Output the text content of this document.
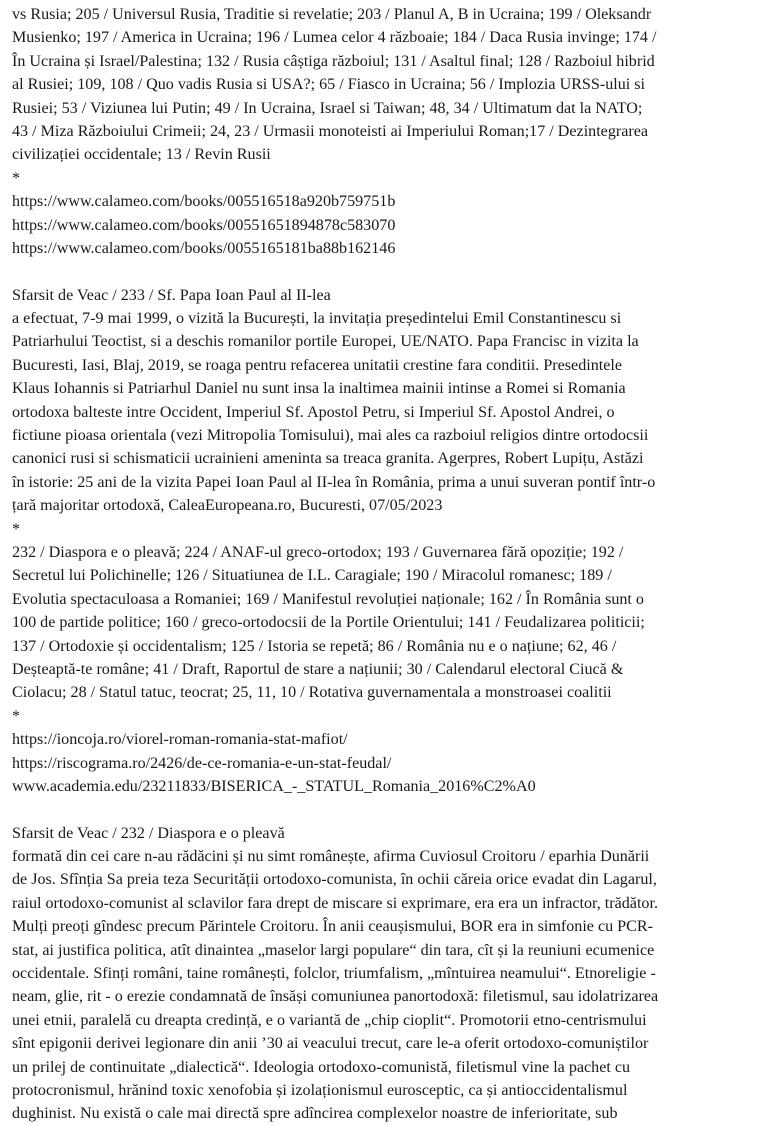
vs Rusia; 205 / Universul Rusia, Traditie si revelatie; 203 / Planul A, B in Ucraina; 199 / Oleksandr
Musienko; 197 / America in Ucraina; 196 / Lumea celor 4 războaie; 184 / Daca Rusia invinge; 174 /
În Ucraina și Israel/Palestina; 132 / Rusia câștiga războiul; 131 / Asaltul final; 128 / Razboiul hibrid
al Rusiei; 109, 108 / Quo vadis Rusia si USA?; 65 / Fiasco in Ucraina; 56 / Implozia URSS-ului si
Rusiei; 53 / Viziunea lui Putin; 49 / In Ucraina, Israel si Taiwan; 48, 34 / Ultimatum dat la NATO;
43 / Miza Războiului Crimeii; 24, 23 / Urmasii monoteisti ai Imperiului Roman;17 / Dezintegrarea
civilizației occidentale; 13 / Revin Rusii
*
https://www.calameo.com/books/005516518a920b759751b
https://www.calameo.com/books/00551651894878c583070
https://www.calameo.com/books/0055165181ba88b162146
Sfarsit de Veac / 233 / Sf. Papa Ioan Paul al II-lea
a efectuat, 7-9 mai 1999, o vizită la București, la invitația președintelui Emil Constantinescu si
Patriarhului Teoctist, si a deschis romanilor portile Europei, UE/NATO. Papa Francisc in vizita la
Bucuresti, Iasi, Blaj, 2019, se roaga pentru refacerea unitatii crestine fara conditii. Presedintele
Klaus Iohannis si Patriarhul Daniel nu sunt insa la inaltimea mainii intinse a Romei si Romania
ortodoxa balteste intre Occident, Imperiul Sf. Apostol Petru, si Imperiul Sf. Apostol Andrei, o
fictiune pioasa orientala (vezi Mitropolia Tomisului), mai ales ca razboiul religios dintre ortodocsii
canonici rusi si schismaticii ucrainieni ameninta sa treaca granita. Agerpres, Robert Lupițu, Astăzi
în istorie: 25 ani de la vizita Papei Ioan Paul al II-lea în România, prima a unui suveran pontif într-o
țară majoritar ortodoxă, CaleaEuropeana.ro, Bucuresti, 07/05/2023
*
232 / Diaspora e o pleavă; 224 / ANAF-ul greco-ortodox; 193 / Guvernarea fără opoziție; 192 /
Secretul lui Polichinelle; 126 / Situatiunea de I.L. Caragiale; 190 / Miracolul romanesc; 189 /
Evolutia spectaculoasa a Romaniei; 169 / Manifestul revoluției naționale; 162 / În România sunt o
100 de partide politice; 160 / greco-ortodocsii de la Portile Orientului; 141 / Feudalizarea politicii;
137 / Ortodoxie și occidentalism; 125 / Istoria se repetă; 86 / România nu e o națiune; 62, 46 /
Deșteaptă-te române; 41 / Draft, Raportul de stare a națiunii; 30 / Calendarul electoral Ciucă &
Ciolacu; 28 / Statul tatuc, teocrat; 25, 11, 10 / Rotativa guvernamentala a monstroasei coalitii
*
https://ioncoja.ro/viorel-roman-romania-stat-mafiot/
https://riscograma.ro/2426/de-ce-romania-e-un-stat-feudal/
www.academia.edu/23211833/BISERICA_-_STATUL_Romania_2016%C2%A0
Sfarsit de Veac / 232 / Diaspora e o pleavă
formată din cei care n-au rădăcini și nu simt românește, afirma Cuviosul Croitoru / eparhia Dunării
de Jos. Sfînția Sa preia teza Securității ortodoxo-comunista, în ochii căreia orice evadat din Lagarul,
raiul ortodoxo-comunist al sclavilor fara drept de miscare si exprimare, era era un infractor, trădător.
Mulți preoți gîndesc precum Părintele Croitoru. În anii ceaușismului, BOR era in simfonie cu PCR-
stat, ai justifica politica, atît dinaintea „maselor largi populare“ din tara, cît și la reuniuni ecumenice
occidentale. Sfinți români, taine românești, folclor, triumfalism, „mîntuirea neamului“. Etnoreligie -
neam, glie, rit - o erezie condamnată de însăși comuniunea panortodoxă: filetismul, sau idolatrizarea
unei etnii, paralelă cu dreapta credință, e o variantă de „chip cioplit“. Promotorii etno-centrismului
sînt epigonii derivei legionare din anii ’30 ai veacului trecut, care le-a oferit ortodoxo-comuniștilor
un prilej de continuitate „dialectică“. Ideologia ortodoxo-comunistă, filetismul vine la pachet cu
protocronismul, hrănind toxic xenofobia și izolaționismul eurosceptic, ca și antioccidentalismul
dughinist. Nu există o cale mai directă spre adîncirea complexelor noastre de inferioritate, sub
